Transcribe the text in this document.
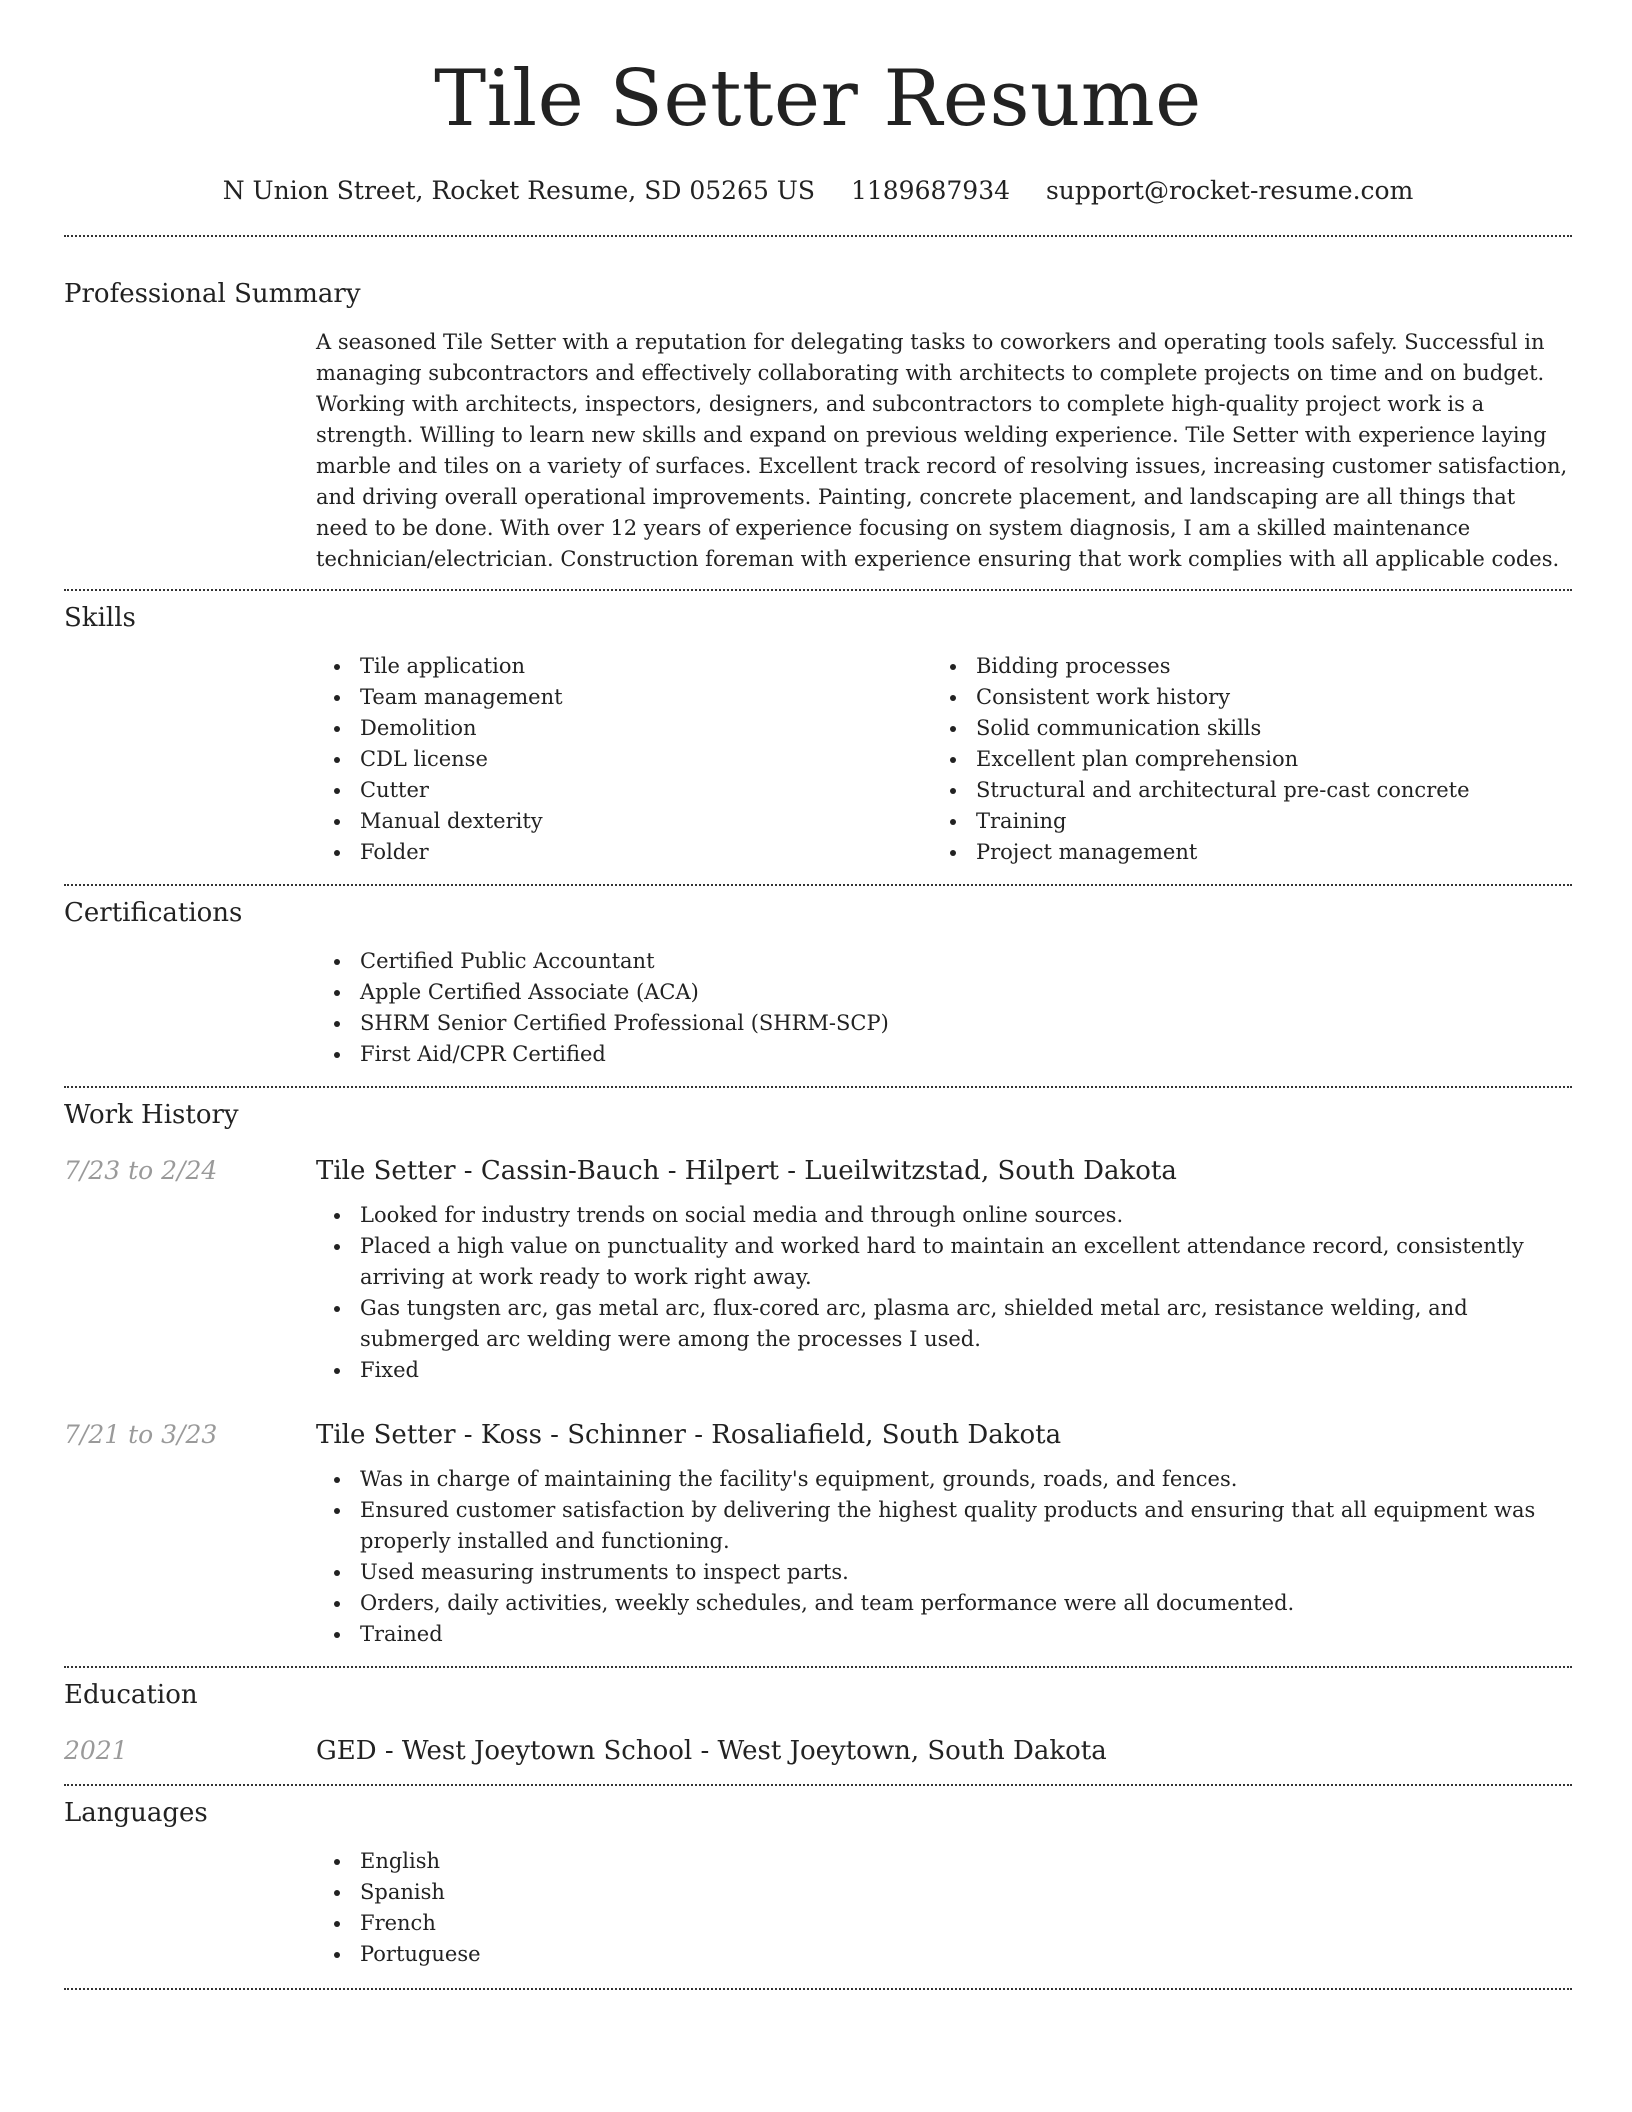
Tile Setter Resume
N Union Street, Rocket Resume, SD 05265 US 1189687934 support@rocket-resume.com
Professional Summary

A seasoned Tile Setter with a reputation for delegating tasks to coworkers and operating tools safely. Successful in managing subcontractors and effectively collaborating with architects to complete projects on time and on budget. Working with architects, inspectors, designers, and subcontractors to complete high-quality project work is a strength. Willing to learn new skills and expand on previous welding experience. Tile Setter with experience laying marble and tiles on a variety of surfaces. Excellent track record of resolving issues, increasing customer satisfaction, and driving overall operational improvements. Painting, concrete placement, and landscaping are all things that need to be done. With over 12 years of experience focusing on system diagnosis, I am a skilled maintenance technician/electrician. Construction foreman with experience ensuring that work complies with all applicable codes.

Skills
Tile application
Team management
Demolition
CDL license
Cutter
Manual dexterity
Folder
Bidding processes
Consistent work history
Solid communication skills
Excellent plan comprehension
Structural and architectural pre-cast concrete
Training
Project management
Certifications
Certified Public Accountant
Apple Certified Associate (ACA)
SHRM Senior Certified Professional (SHRM-SCP)
First Aid/CPR Certified
Work History
7/23 to 2/24	Tile Setter - Cassin-Bauch - Hilpert - Lueilwitzstad, South Dakota
Looked for industry trends on social media and through online sources.
Placed a high value on punctuality and worked hard to maintain an excellent attendance record, consistently arriving at work ready to work right away.
Gas tungsten arc, gas metal arc, flux-cored arc, plasma arc, shielded metal arc, resistance welding, and submerged arc welding were among the processes I used.
Fixed
7/21 to 3/23	Tile Setter - Koss - Schinner - Rosaliafield, South Dakota
Was in charge of maintaining the facility's equipment, grounds, roads, and fences.
Ensured customer satisfaction by delivering the highest quality products and ensuring that all equipment was properly installed and functioning.
Used measuring instruments to inspect parts.
Orders, daily activities, weekly schedules, and team performance were all documented.
Trained
Education
2021	GED - West Joeytown School - West Joeytown, South Dakota
Languages
English
Spanish
French
Portuguese
